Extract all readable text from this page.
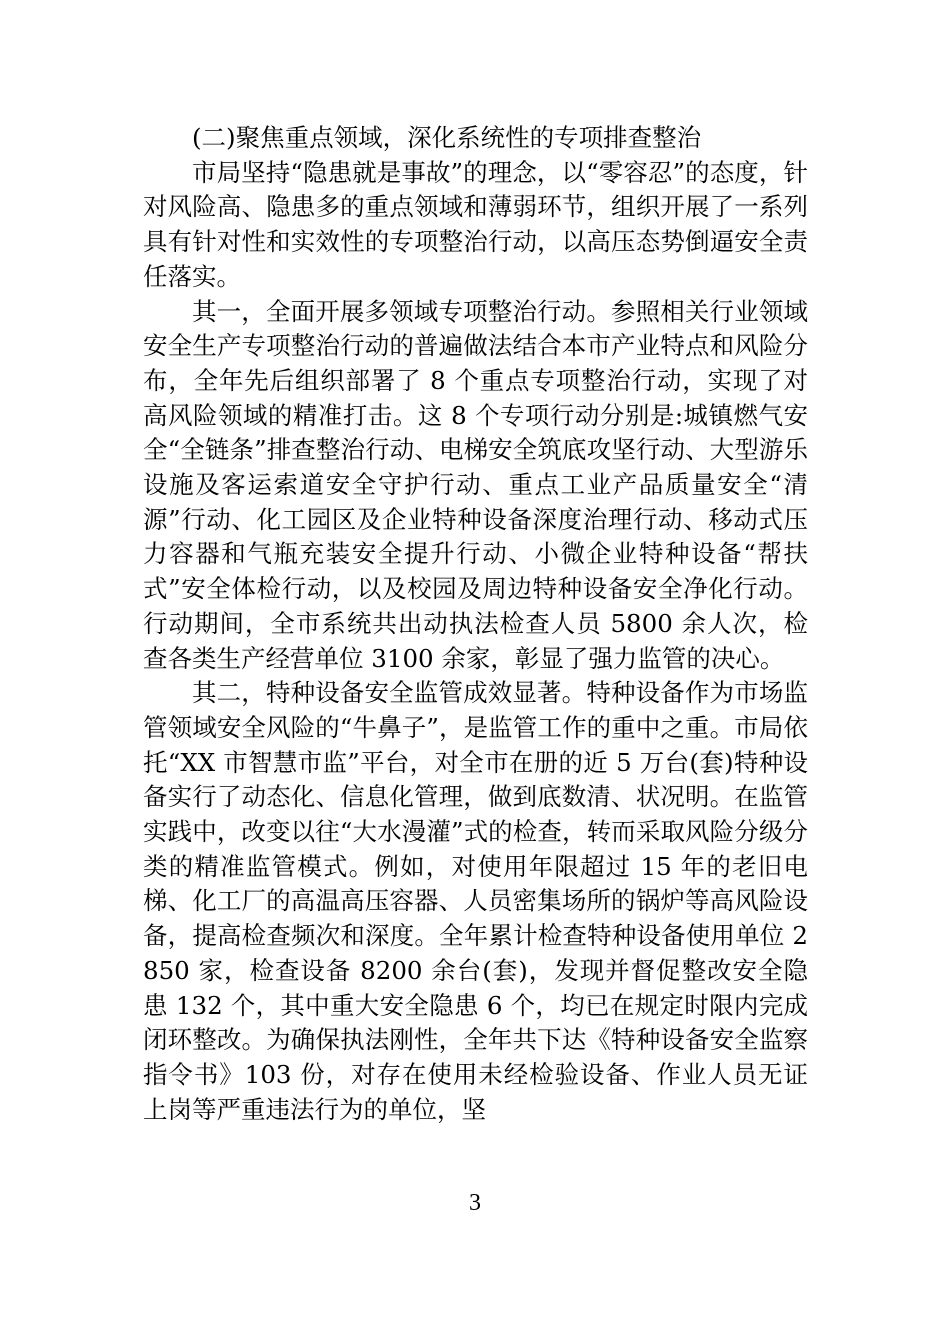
(二)聚焦重点领域，深化系统性的专项排查整治

市局坚持“隐患就是事故”的理念，以“零容忍”的态度，针对风险高、隐患多的重点领域和薄弱环节，组织开展了一系列具有针对性和实效性的专项整治行动，以高压态势倒逼安全责任落实。

其一，全面开展多领域专项整治行动。参照相关行业领域安全生产专项整治行动的普遍做法结合本市产业特点和风险分布，全年先后组织部署了 8 个重点专项整治行动，实现了对高风险领域的精准打击。这 8 个专项行动分别是:城镇燃气安全“全链条”排查整治行动、电梯安全筑底攻坚行动、大型游乐设施及客运索道安全守护行动、重点工业产品质量安全“清源”行动、化工园区及企业特种设备深度治理行动、移动式压力容器和气瓶充装安全提升行动、小微企业特种设备“帮扶式”安全体检行动，以及校园及周边特种设备安全净化行动。行动期间，全市系统共出动执法检查人员 5800 余人次，检查各类生产经营单位 3100 余家，彰显了强力监管的决心。

其二，特种设备安全监管成效显著。特种设备作为市场监管领域安全风险的“牛鼻子”，是监管工作的重中之重。市局依托“XX 市智慧市监”平台，对全市在册的近 5 万台(套)特种设备实行了动态化、信息化管理，做到底数清、状况明。在监管实践中，改变以往“大水漫灌”式的检查，转而采取风险分级分类的精准监管模式。例如，对使用年限超过 15 年的老旧电梯、化工厂的高温高压容器、人员密集场所的锅炉等高风险设备，提高检查频次和深度。全年累计检查特种设备使用单位 2850 家，检查设备 8200 余台(套)，发现并督促整改安全隐患 132 个，其中重大安全隐患 6 个，均已在规定时限内完成闭环整改。为确保执法刚性，全年共下达《特种设备安全监察指令书》103 份，对存在使用未经检验设备、作业人员无证上岗等严重违法行为的单位，坚

3
